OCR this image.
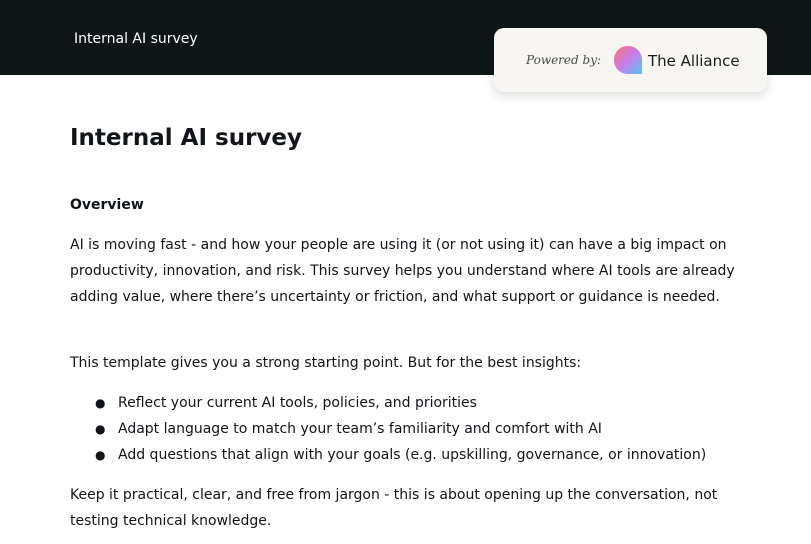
Internal AI survey
Powered by:	The Alliance
Internal AI survey
Overview

AI is moving fast - and how your people are using it (or not using it) can have a big impact on productivity, innovation, and risk. This survey helps you understand where AI tools are already adding value, where there’s uncertainty or friction, and what support or guidance is needed.

This template gives you a strong starting point. But for the best insights:

● Reflect your current AI tools, policies, and priorities
● Adapt language to match your team’s familiarity and comfort with AI
● Add questions that align with your goals (e.g. upskilling, governance, or innovation)

Keep it practical, clear, and free from jargon - this is about opening up the conversation, not testing technical knowledge.
